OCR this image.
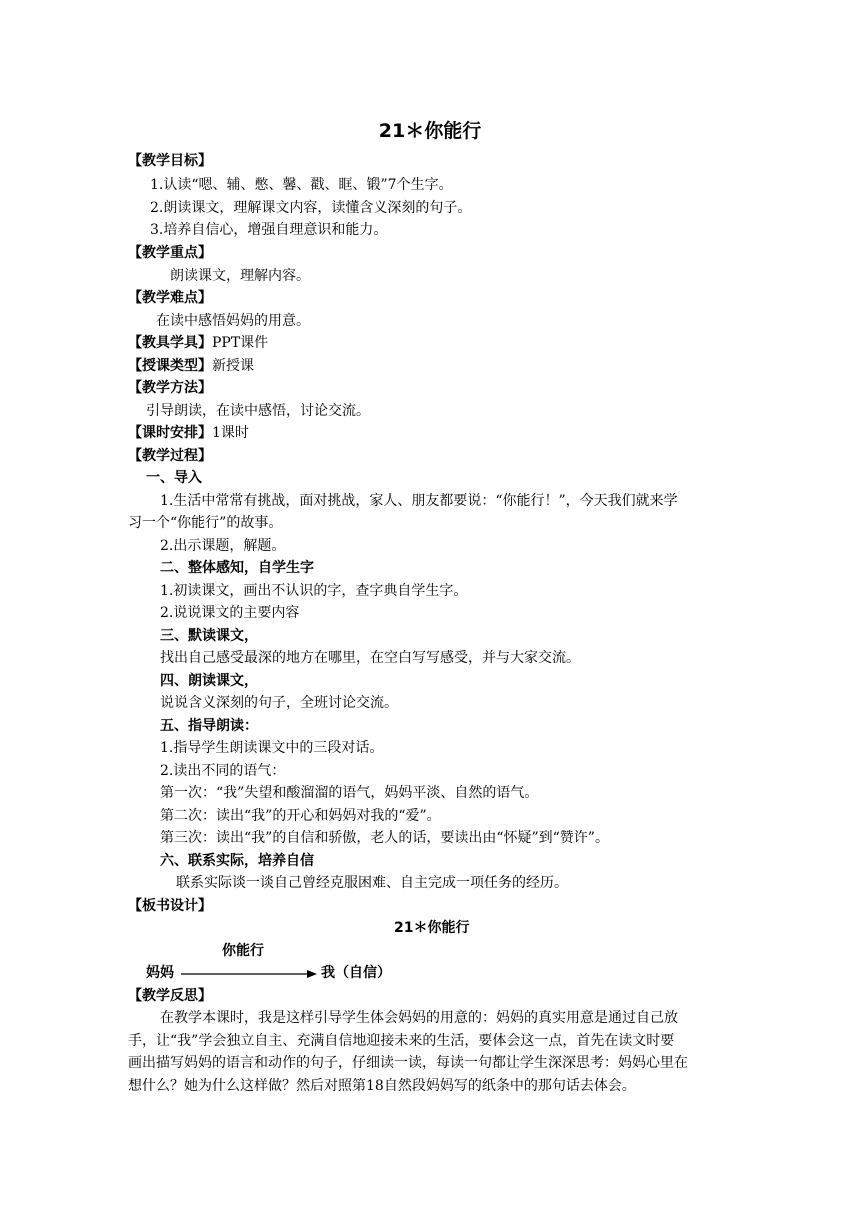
21＊你能行
【教学目标】
1.认读“嗯、辅、憋、馨、戳、眶、锻”7个生字。
2.朗读课文，理解课文内容，读懂含义深刻的句子。
3.培养自信心，增强自理意识和能力。
【教学重点】
朗读课文，理解内容。
【教学难点】
在读中感悟妈妈的用意。
【教具学具】PPT课件
【授课类型】新授课
【教学方法】
引导朗读，在读中感悟，讨论交流。
【课时安排】1课时
【教学过程】
一、导入
1.生活中常常有挑战，面对挑战，家人、朋友都要说：“你能行！”，今天我们就来学
习一个“你能行”的故事。
2.出示课题，解题。
二、整体感知，自学生字
1.初读课文，画出不认识的字，查字典自学生字。
2.说说课文的主要内容
三、默读课文，
找出自己感受最深的地方在哪里，在空白写写感受，并与大家交流。
四、朗读课文，
说说含义深刻的句子，全班讨论交流。
五、指导朗读：
1.指导学生朗读课文中的三段对话。
2.读出不同的语气：
第一次：“我”失望和酸溜溜的语气，妈妈平淡、自然的语气。
第二次：读出“我”的开心和妈妈对我的“爱”。
第三次：读出“我”的自信和骄傲，老人的话，要读出由“怀疑”到“赞许”。
六、联系实际，培养自信
联系实际谈一谈自己曾经克服困难、自主完成一项任务的经历。
【板书设计】
21＊你能行
你能行
妈妈	我（自信）
【教学反思】
在教学本课时，我是这样引导学生体会妈妈的用意的：妈妈的真实用意是通过自己放
手，让“我”学会独立自主、充满自信地迎接未来的生活，要体会这一点，首先在读文时要
画出描写妈妈的语言和动作的句子，仔细读一读，每读一句都让学生深深思考：妈妈心里在
想什么？她为什么这样做？然后对照第18自然段妈妈写的纸条中的那句话去体会。
